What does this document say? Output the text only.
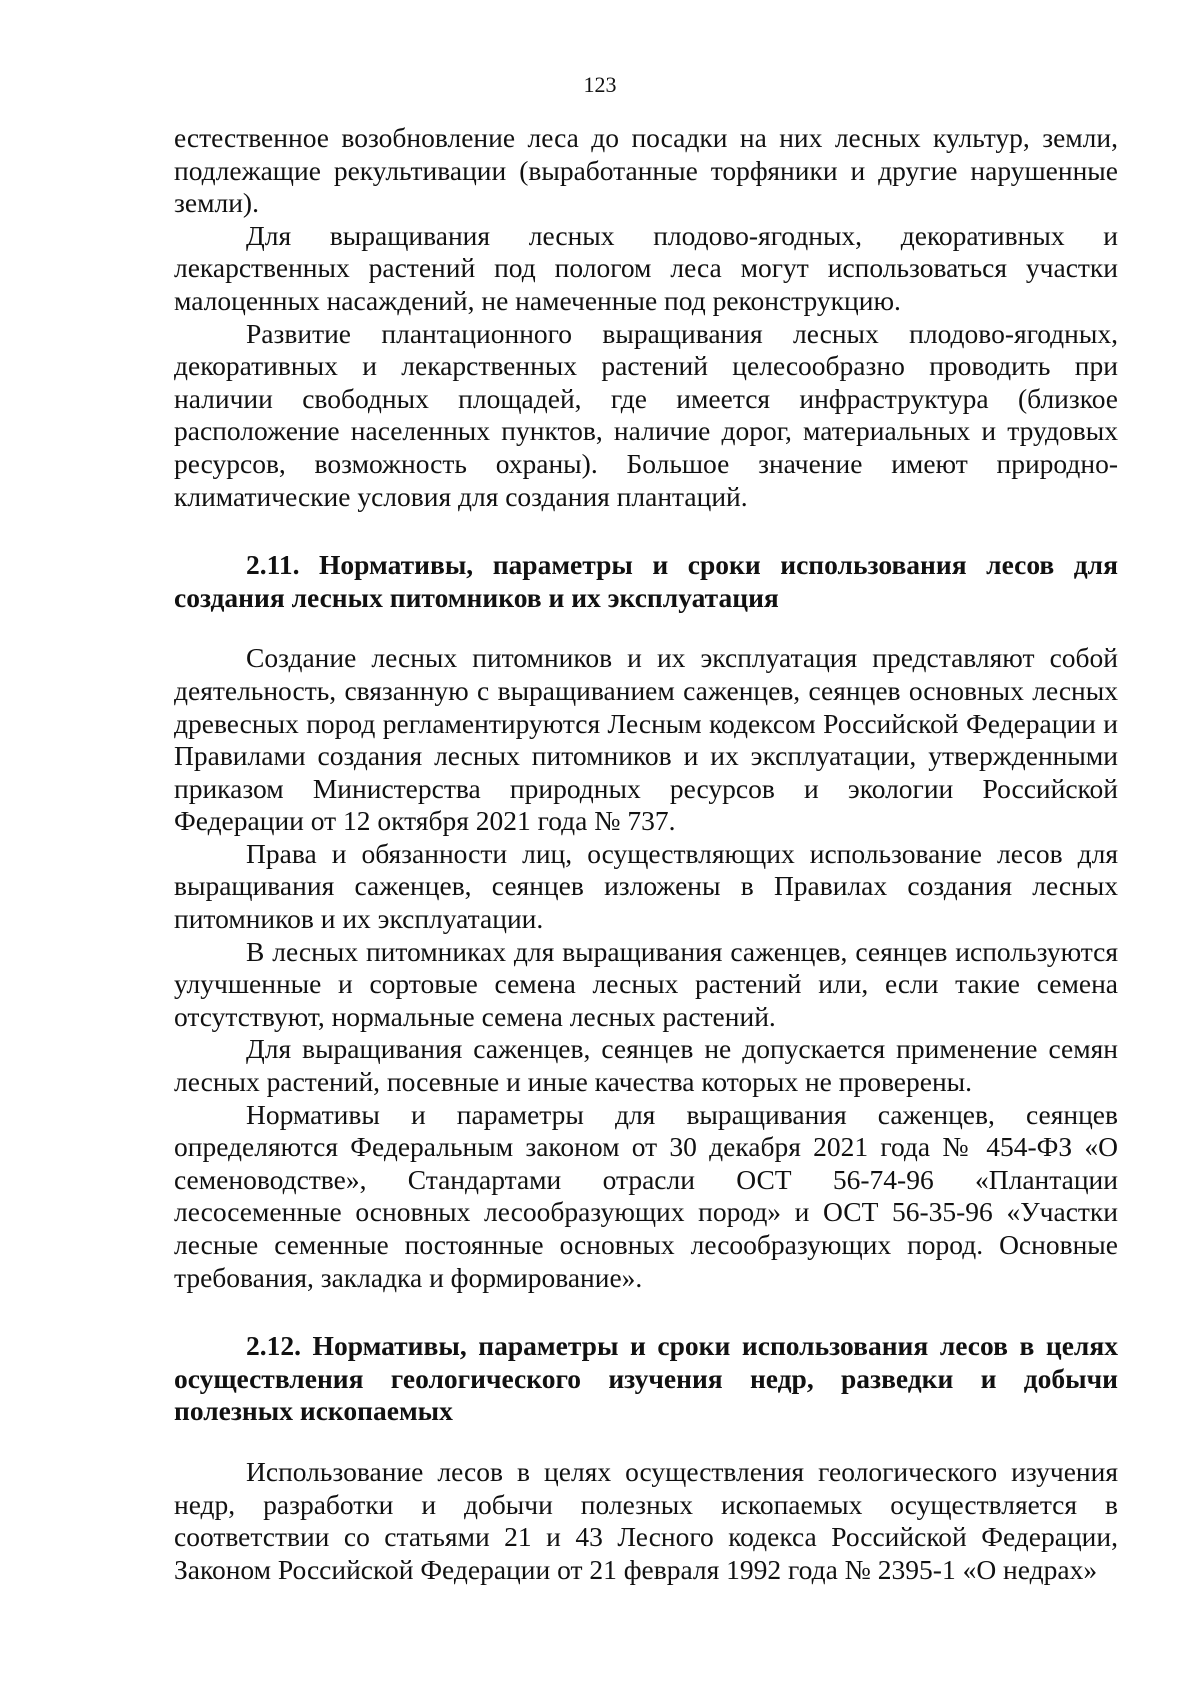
123

естественное возобновление леса до посадки на них лесных культур, земли, подлежащие рекультивации (выработанные торфяники и другие нарушенные земли).

Для выращивания лесных плодово-ягодных, декоративных и лекарственных растений под пологом леса могут использоваться участки малоценных насаждений, не намеченные под реконструкцию.

Развитие плантационного выращивания лесных плодово-ягодных, декоративных и лекарственных растений целесообразно проводить при наличии свободных площадей, где имеется инфраструктура (близкое расположение населенных пунктов, наличие дорог, материальных и трудовых ресурсов, возможность охраны). Большое значение имеют природно-климатические условия для создания плантаций.

2.11. Нормативы, параметры и сроки использования лесов для создания лесных питомников и их эксплуатация

Создание лесных питомников и их эксплуатация представляют собой деятельность, связанную с выращиванием саженцев, сеянцев основных лесных древесных пород регламентируются Лесным кодексом Российской Федерации и Правилами создания лесных питомников и их эксплуатации, утвержденными приказом Министерства природных ресурсов и экологии Российской Федерации от 12 октября 2021 года № 737.

Права и обязанности лиц, осуществляющих использование лесов для выращивания саженцев, сеянцев изложены в Правилах создания лесных питомников и их эксплуатации.

В лесных питомниках для выращивания саженцев, сеянцев используются улучшенные и сортовые семена лесных растений или, если такие семена отсутствуют, нормальные семена лесных растений.

Для выращивания саженцев, сеянцев не допускается применение семян лесных растений, посевные и иные качества которых не проверены.

Нормативы и параметры для выращивания саженцев, сеянцев определяются Федеральным законом от 30 декабря 2021 года № 454-ФЗ «О семеноводстве», Стандартами отрасли ОСТ 56-74-96 «Плантации лесосеменные основных лесообразующих пород» и ОСТ 56-35-96 «Участки лесные семенные постоянные основных лесообразующих пород. Основные требования, закладка и формирование».

2.12. Нормативы, параметры и сроки использования лесов в целях осуществления геологического изучения недр, разведки и добычи полезных ископаемых

Использование лесов в целях осуществления геологического изучения недр, разработки и добычи полезных ископаемых осуществляется в соответствии со статьями 21 и 43 Лесного кодекса Российской Федерации, Законом Российской Федерации от 21 февраля 1992 года № 2395-1 «О недрах»
